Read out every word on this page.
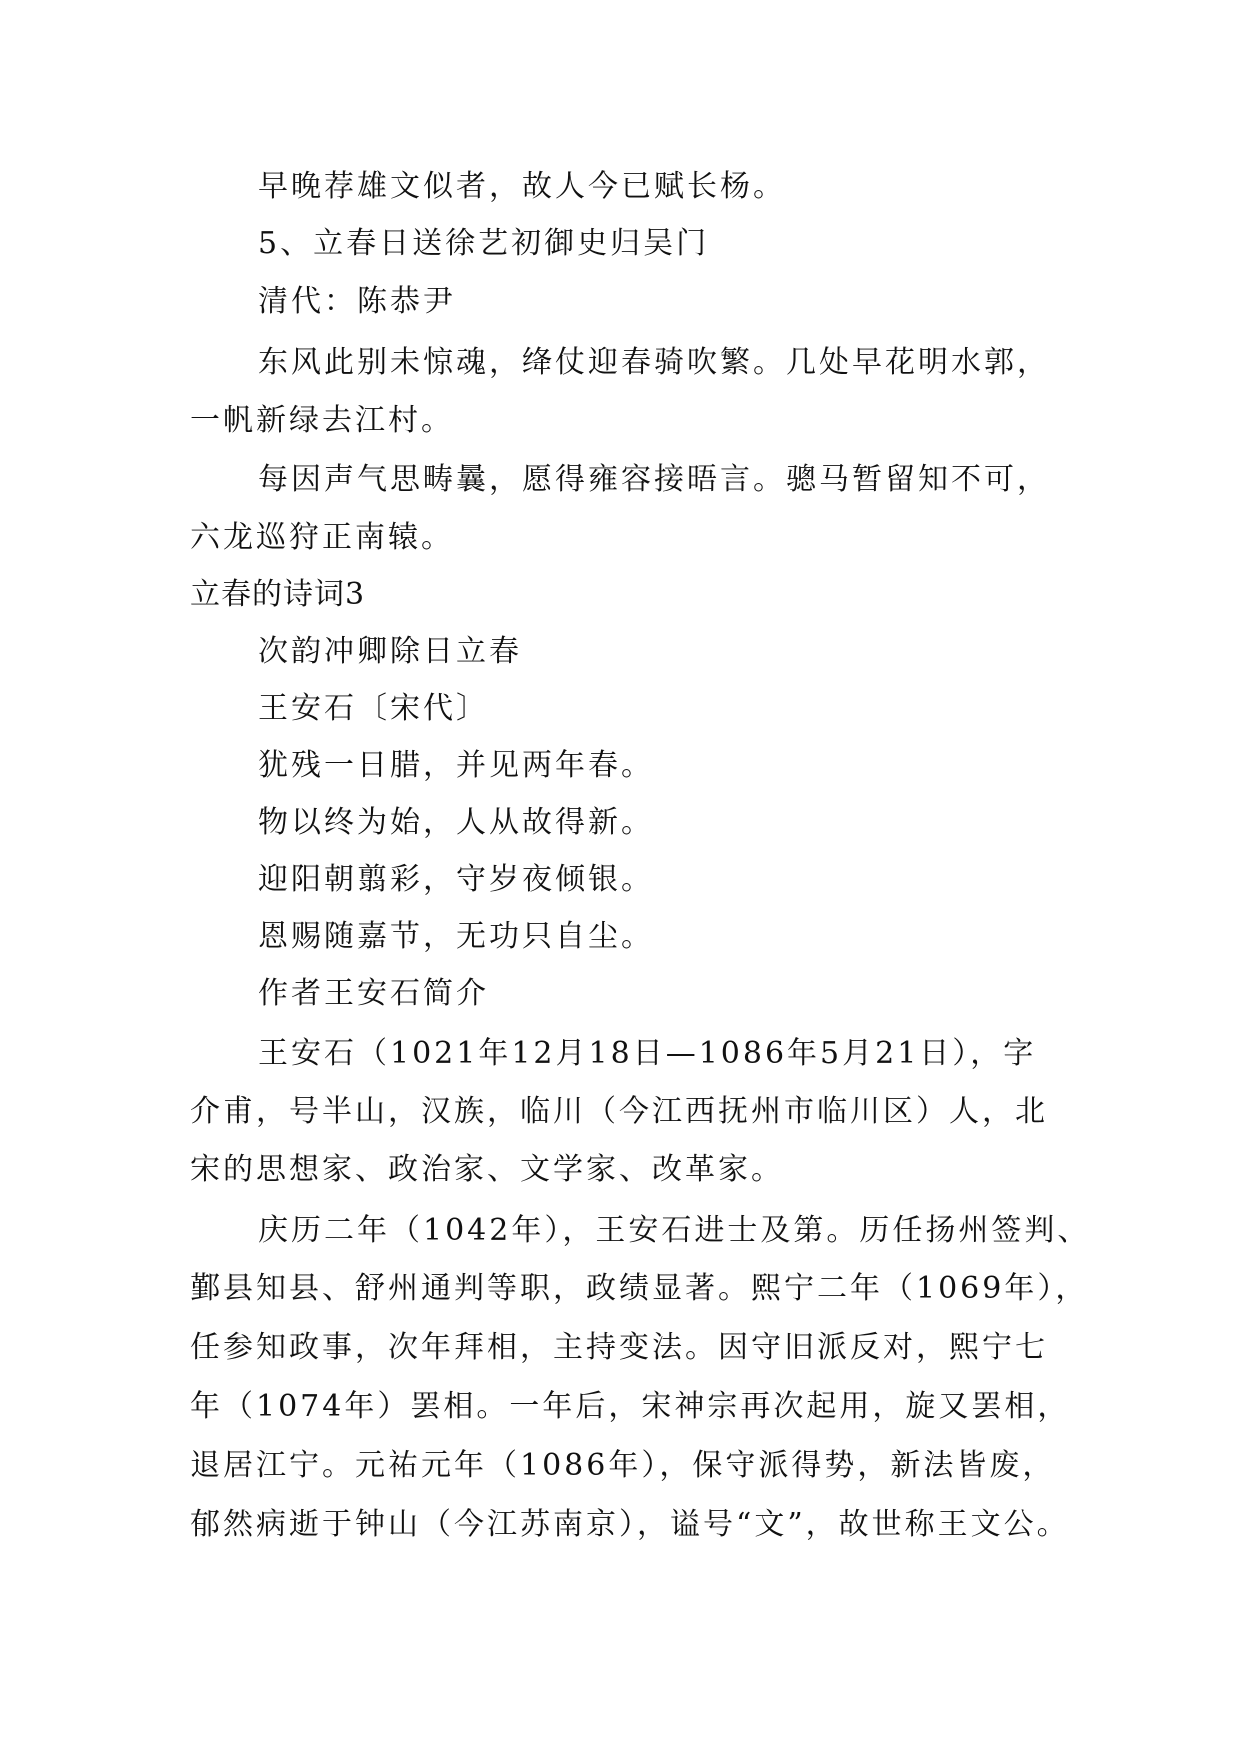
早晚荐雄文似者，故人今已赋长杨。
5、立春日送徐艺初御史归吴门
清代：陈恭尹
东风此别未惊魂，绛仗迎春骑吹繁。几处早花明水郭，
一帆新绿去江村。
每因声气思畴曩，愿得雍容接晤言。骢马暂留知不可，
六龙巡狩正南辕。
立春的诗词3
次韵冲卿除日立春
王安石〔宋代〕
犹残一日腊，并见两年春。
物以终为始，人从故得新。
迎阳朝翦彩，守岁夜倾银。
恩赐随嘉节，无功只自尘。
作者王安石简介
王安石（1021年12月18日—1086年5月21日），字
介甫，号半山，汉族，临川（今江西抚州市临川区）人，北
宋的思想家、政治家、文学家、改革家。
庆历二年（1042年），王安石进士及第。历任扬州签判、
鄞县知县、舒州通判等职，政绩显著。熙宁二年（1069年），
任参知政事，次年拜相，主持变法。因守旧派反对，熙宁七
年（1074年）罢相。一年后，宋神宗再次起用，旋又罢相，
退居江宁。元祐元年（1086年），保守派得势，新法皆废，
郁然病逝于钟山（今江苏南京），谥号“文”，故世称王文公。
